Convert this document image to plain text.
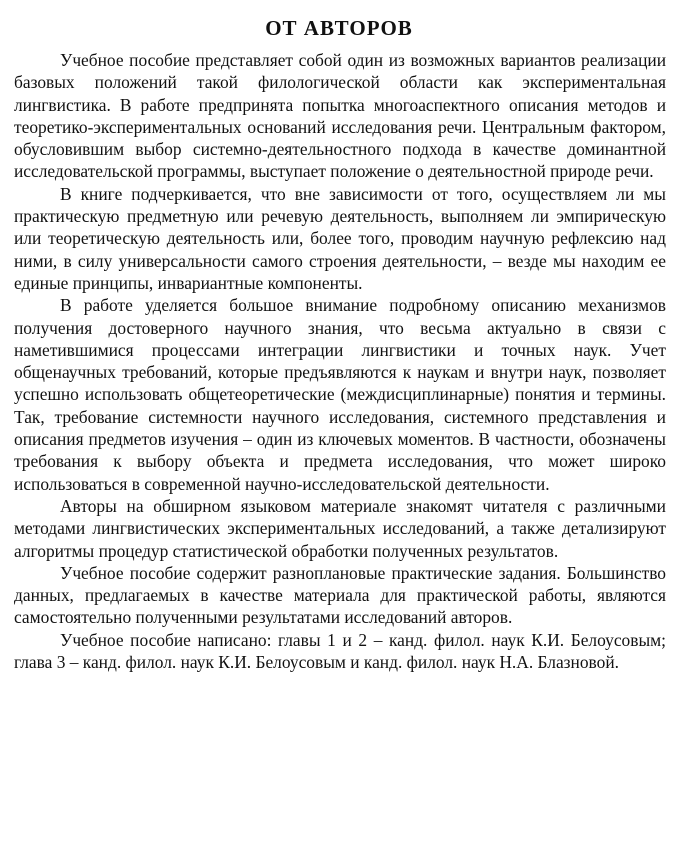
ОТ АВТОРОВ

Учебное пособие представляет собой один из возможных вариантов реализации базовых положений такой филологической области как экспериментальная лингвистика. В работе предпринята попытка многоаспектного описания методов и теоретико-экспериментальных оснований исследования речи. Центральным фактором, обусловившим выбор системно-деятельностного подхода в качестве доминантной исследовательской программы, выступает положение о деятельностной природе речи.

В книге подчеркивается, что вне зависимости от того, осуществляем ли мы практическую предметную или речевую деятельность, выполняем ли эмпирическую или теоретическую деятельность или, более того, проводим научную рефлексию над ними, в силу универсальности самого строения деятельности, – везде мы находим ее единые принципы, инвариантные компоненты.

В работе уделяется большое внимание подробному описанию механизмов получения достоверного научного знания, что весьма актуально в связи с наметившимися процессами интеграции лингвистики и точных наук. Учет общенаучных требований, которые предъявляются к наукам и внутри наук, позволяет успешно использовать общетеоретические (междисциплинарные) понятия и термины. Так, требование системности научного исследования, системного представления и описания предметов изучения – один из ключевых моментов. В частности, обозначены требования к выбору объекта и предмета исследования, что может широко использоваться в современной научно-исследовательской деятельности.

Авторы на обширном языковом материале знакомят читателя с различными методами лингвистических экспериментальных исследований, а также детализируют алгоритмы процедур статистической обработки полученных результатов.

Учебное пособие содержит разноплановые практические задания. Большинство данных, предлагаемых в качестве материала для практической работы, являются самостоятельно полученными результатами исследований авторов.

Учебное пособие написано: главы 1 и 2 – канд. филол. наук К.И. Белоусовым; глава 3 – канд. филол. наук К.И. Белоусовым и канд. филол. наук Н.А. Блазновой.
